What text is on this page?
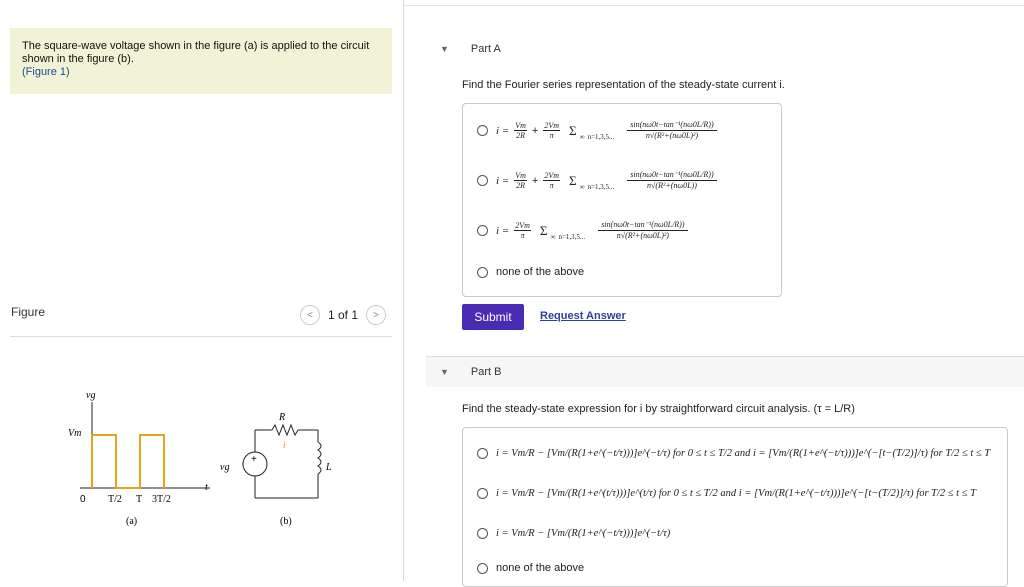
The square-wave voltage shown in the figure (a) is applied to the circuit shown in the figure (b).
(Figure 1)
Figure	<	1 of 1	>
vg
Vm
t
0 T/2 T 3T/2
(a)
+
vg
R
i
L
(b)
▼ Part A
Find the Fourier series representation of the steady-state current i.
$i = \frac{Vm}{2R} + \frac{2Vm}{\pi}$ Σ ∞ n=1,3,5...
sin(nω0t−tan⁻¹(nω0L/R))
n√(R²+(nω0L)²)
$i = \frac{Vm}{2R} + \frac{2Vm}{\pi}$ Σ ∞ n=1,3,5...
sin(nω0t−tan⁻¹(nω0L/R))
n√(R²+(nω0L))
$i = \frac{2Vm}{\pi}$ Σ ∞ n=1,3,5...
sin(nω0t−tan⁻¹(nω0L/R))
n√(R²+(nω0L)²)
none of the above
Submit	Request Answer
▼ Part B
Find the steady-state expression for i by straightforward circuit analysis. (τ = L/R)
i = Vm/R − [Vm/(R(1+e^(−t/τ)))]e^(−t/τ) for 0 ≤ t ≤ T/2 and i = [Vm/(R(1+e^(−t/τ)))]e^(−[t−(T/2)]/τ) for T/2 ≤ t ≤ T
i = Vm/R − [Vm/(R(1+e^(t/τ)))]e^(t/τ) for 0 ≤ t ≤ T/2 and i = [Vm/(R(1+e^(−t/τ)))]e^(−[t−(T/2)]/τ) for T/2 ≤ t ≤ T
i = Vm/R − [Vm/(R(1+e^(−t/τ)))]e^(−t/τ)
none of the above
